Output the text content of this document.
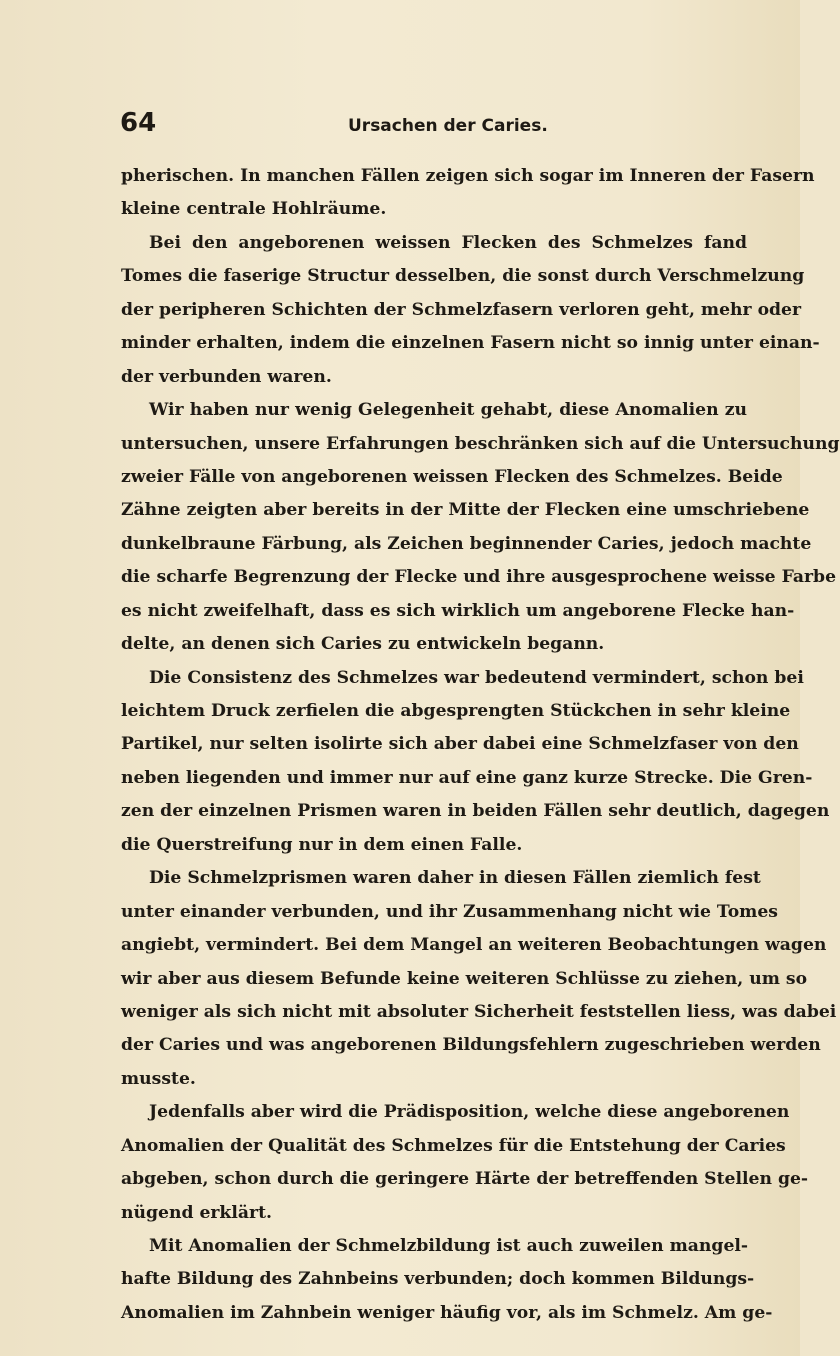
64	Ursachen der Caries.
pherischen. In manchen Fällen zeigen sich sogar im Inneren der Fasern
kleine centrale Hohlräume.
Bei den angeborenen weissen Flecken des Schmelzes fand
Tomes die faserige Structur desselben, die sonst durch Verschmelzung
der peripheren Schichten der Schmelzfasern verloren geht, mehr oder
minder erhalten, indem die einzelnen Fasern nicht so innig unter einan-
der verbunden waren.
Wir haben nur wenig Gelegenheit gehabt, diese Anomalien zu
untersuchen, unsere Erfahrungen beschränken sich auf die Untersuchung
zweier Fälle von angeborenen weissen Flecken des Schmelzes. Beide
Zähne zeigten aber bereits in der Mitte der Flecken eine umschriebene
dunkelbraune Färbung, als Zeichen beginnender Caries, jedoch machte
die scharfe Begrenzung der Flecke und ihre ausgesprochene weisse Farbe
es nicht zweifelhaft, dass es sich wirklich um angeborene Flecke han-
delte, an denen sich Caries zu entwickeln begann.
Die Consistenz des Schmelzes war bedeutend vermindert, schon bei
leichtem Druck zerfielen die abgesprengten Stückchen in sehr kleine
Partikel, nur selten isolirte sich aber dabei eine Schmelzfaser von den
neben liegenden und immer nur auf eine ganz kurze Strecke. Die Gren-
zen der einzelnen Prismen waren in beiden Fällen sehr deutlich, dagegen
die Querstreifung nur in dem einen Falle.
Die Schmelzprismen waren daher in diesen Fällen ziemlich fest
unter einander verbunden, und ihr Zusammenhang nicht wie Tomes
angiebt, vermindert. Bei dem Mangel an weiteren Beobachtungen wagen
wir aber aus diesem Befunde keine weiteren Schlüsse zu ziehen, um so
weniger als sich nicht mit absoluter Sicherheit feststellen liess, was dabei
der Caries und was angeborenen Bildungsfehlern zugeschrieben werden
musste.
Jedenfalls aber wird die Prädisposition, welche diese angeborenen
Anomalien der Qualität des Schmelzes für die Entstehung der Caries
abgeben, schon durch die geringere Härte der betreffenden Stellen ge-
nügend erklärt.
Mit Anomalien der Schmelzbildung ist auch zuweilen mangel-
hafte Bildung des Zahnbeins verbunden; doch kommen Bildungs-
Anomalien im Zahnbein weniger häufig vor, als im Schmelz. Am ge-
